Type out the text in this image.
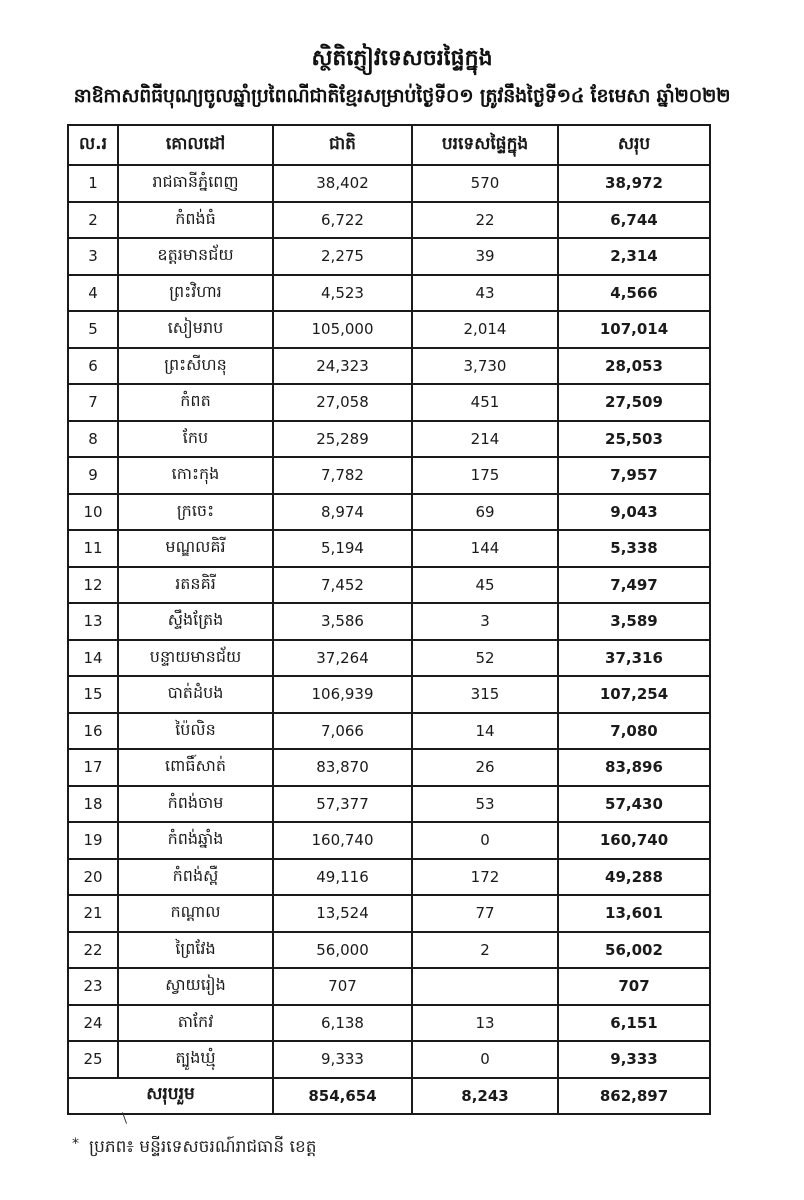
ស្ថិតិភ្ញៀវទេសចរផ្ទៃក្នុង
នាឱកាសពិធីបុណ្យចូលឆ្នាំប្រពៃណីជាតិខ្មែរសម្រាប់ថ្ងៃទី០១ ត្រូវនឹងថ្ងៃទី១៤ ខែមេសា ឆ្នាំ២០២២
ល.រ	គោលដៅ	ជាតិ	បរទេសផ្ទៃក្នុង	សរុប
1	រាជធានីភ្នំពេញ	38,402	570	38,972
2	កំពង់ធំ	6,722	22	6,744
3	ឧត្តរមានជ័យ	2,275	39	2,314
4	ព្រះវិហារ	4,523	43	4,566
5	សៀមរាប	105,000	2,014	107,014
6	ព្រះសីហនុ	24,323	3,730	28,053
7	កំពត	27,058	451	27,509
8	កែប	25,289	214	25,503
9	កោះកុង	7,782	175	7,957
10	ក្រចេះ	8,974	69	9,043
11	មណ្ឌលគិរី	5,194	144	5,338
12	រតនគិរី	7,452	45	7,497
13	ស្ទឹងត្រែង	3,586	3	3,589
14	បន្ទាយមានជ័យ	37,264	52	37,316
15	បាត់ដំបង	106,939	315	107,254
16	ប៉ៃលិន	7,066	14	7,080
17	ពោធិ៍សាត់	83,870	26	83,896
18	កំពង់ចាម	57,377	53	57,430
19	កំពង់ឆ្នាំង	160,740	0	160,740
20	កំពង់ស្ពឺ	49,116	172	49,288
21	កណ្ដាល	13,524	77	13,601
22	ព្រៃវែង	56,000	2	56,002
23	ស្វាយរៀង	707		707
24	តាកែវ	6,138	13	6,151
25	ត្បូងឃ្មុំ	9,333	0	9,333
សរុបរួម		854,654	8,243	862,897
* ប្រភព៖ មន្ទីរទេសចរណ៍រាជធានី ខេត្ត
